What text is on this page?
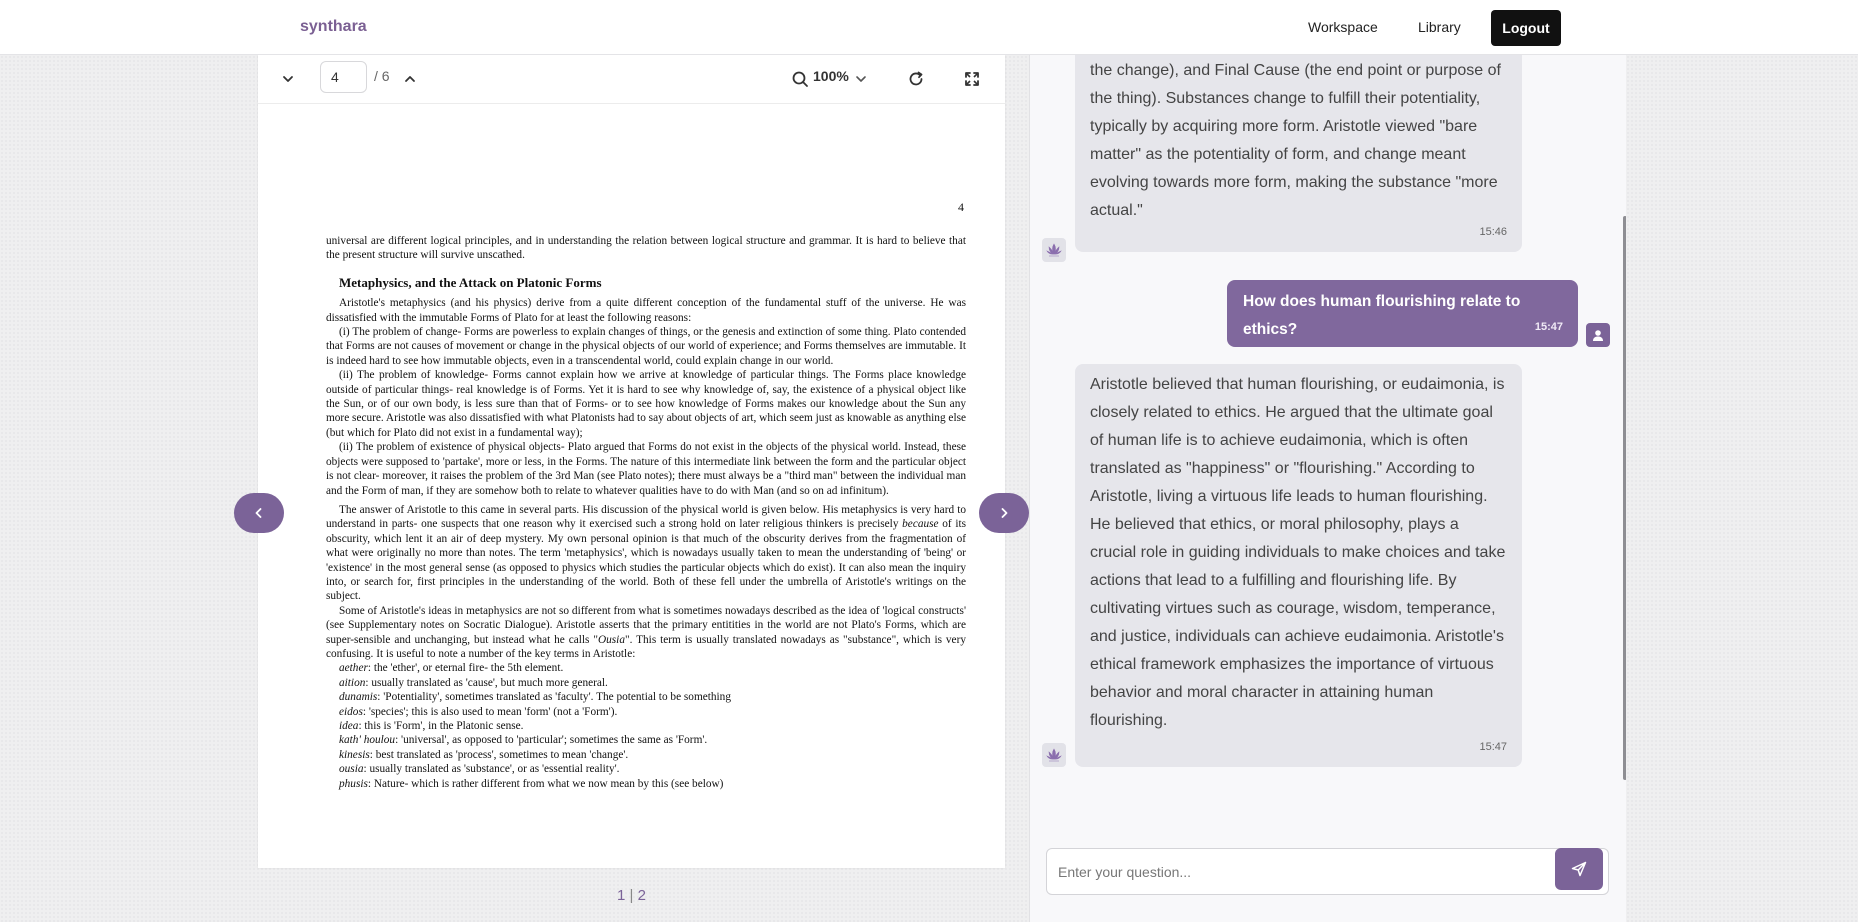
synthara	Workspace	Library	Logout
4
/ 6	100%
4

universal are different logical principles, and in understanding the relation between logical structure and grammar. It is hard to believe that the present structure will survive unscathed.

Metaphysics, and the Attack on Platonic Forms

Aristotle's metaphysics (and his physics) derive from a quite different conception of the fundamental stuff of the universe. He was dissatisfied with the immutable Forms of Plato for at least the following reasons:

(i) The problem of change- Forms are powerless to explain changes of things, or the genesis and extinction of some thing. Plato contended that Forms are not causes of movement or change in the physical objects of our world of experience; and Forms themselves are immutable. It is indeed hard to see how immutable objects, even in a transcendental world, could explain change in our world.

(ii) The problem of knowledge- Forms cannot explain how we arrive at knowledge of particular things. The Forms place knowledge outside of particular things- real knowledge is of Forms. Yet it is hard to see why knowledge of, say, the existence of a physical object like the Sun, or of our own body, is less sure than that of Forms- or to see how knowledge of Forms makes our knowledge about the Sun any more secure. Aristotle was also dissatisfied with what Platonists had to say about objects of art, which seem just as knowable as anything else (but which for Plato did not exist in a fundamental way);

(ii) The problem of existence of physical objects- Plato argued that Forms do not exist in the objects of the physical world. Instead, these objects were supposed to 'partake', more or less, in the Forms. The nature of this intermediate link between the form and the particular object is not clear- moreover, it raises the problem of the 3rd Man (see Plato notes); there must always be a "third man" between the individual man and the Form of man, if they are somehow both to relate to whatever qualities have to do with Man (and so on ad infinitum).

The answer of Aristotle to this came in several parts. His discussion of the physical world is given below. His metaphysics is very hard to understand in parts- one suspects that one reason why it exercised such a strong hold on later religious thinkers is precisely because of its obscurity, which lent it an air of deep mystery. My own personal opinion is that much of the obscurity derives from the fragmentation of what were originally no more than notes. The term 'metaphysics', which is nowadays usually taken to mean the understanding of 'being' or 'existence' in the most general sense (as opposed to physics which studies the particular objects which do exist). It can also mean the inquiry into, or search for, first principles in the understanding of the world. Both of these fell under the umbrella of Aristotle's writings on the subject.

Some of Aristotle's ideas in metaphysics are not so different from what is sometimes nowadays described as the idea of 'logical constructs' (see Supplementary notes on Socratic Dialogue). Aristotle asserts that the primary entitities in the world are not Plato's Forms, which are super-sensible and unchanging, but instead what he calls "Ousia". This term is usually translated nowadays as "substance", which is very confusing. It is useful to note a number of the key terms in Aristotle:

aether: the 'ether', or eternal fire- the 5th element.
aition: usually translated as 'cause', but much more general.
dunamis: 'Potentiality', sometimes translated as 'faculty'. The potential to be something
eidos: 'species'; this is also used to mean 'form' (not a 'Form').
idea: this is 'Form', in the Platonic sense.
kath' houlou: 'universal', as opposed to 'particular'; sometimes the same as 'Form'.
kinesis: best translated as 'process', sometimes to mean 'change'.
ousia: usually translated as 'substance', or as 'essential reality'.
phusis: Nature- which is rather different from what we now mean by this (see below)
1 | 2
the change), and Final Cause (the end point or purpose of the thing). Substances change to fulfill their potentiality, typically by acquiring more form. Aristotle viewed "bare matter" as the potentiality of form, and change meant evolving towards more form, making the substance "more actual."
15:46
How does human flourishing relate to ethics?	15:47
Aristotle believed that human flourishing, or eudaimonia, is closely related to ethics. He argued that the ultimate goal of human life is to achieve eudaimonia, which is often translated as "happiness" or "flourishing." According to Aristotle, living a virtuous life leads to human flourishing. He believed that ethics, or moral philosophy, plays a crucial role in guiding individuals to make choices and take actions that lead to a fulfilling and flourishing life. By cultivating virtues such as courage, wisdom, temperance, and justice, individuals can achieve eudaimonia. Aristotle's ethical framework emphasizes the importance of virtuous behavior and moral character in attaining human flourishing.
15:47
Enter your question...
